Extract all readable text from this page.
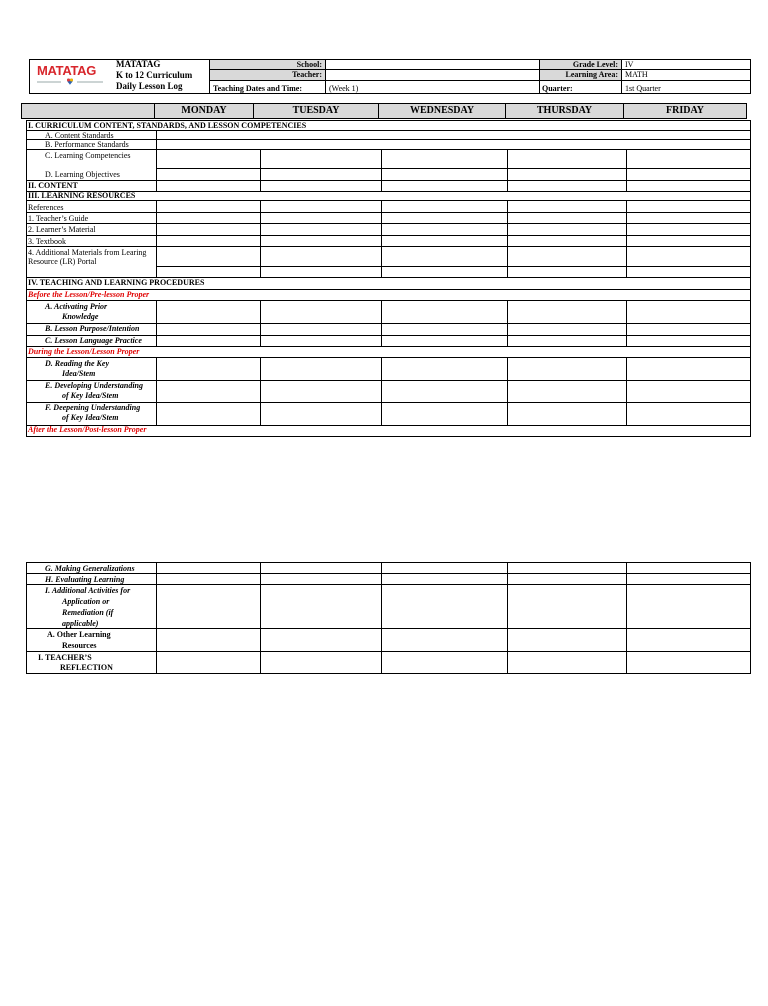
MATATAG	MATATAG
K to 12 Curriculum
Daily Lesson Log
School:
Teacher:
Teaching Dates and Time:	(Week 1)
Grade Level: IV
Learning Area: MATH
Quarter:	1st Quarter
MONDAY	TUESDAY	WEDNESDAY	THURSDAY	FRIDAY
I. CURRICULUM CONTENT, STANDARDS, AND LESSON COMPETENCIES
A. Content Standards
B. Performance Standards
C. Learning Competencies
D. Learning Objectives
II. CONTENT
III. LEARNING RESOURCES
References
1. Teacher’s Guide
2. Learner’s Material
3. Textbook
4. Additional Materials from Learing
Resource (LR) Portal
IV. TEACHING AND LEARNING PROCEDURES
Before the Lesson/Pre-lesson Proper
A. Activating Prior
Knowledge
B. Lesson Purpose/Intention
C. Lesson Language Practice
During the Lesson/Lesson Proper
D. Reading the Key
Idea/Stem
E. Developing Understanding
of Key Idea/Stem
F. Deepening Understanding
of Key Idea/Stem
After the Lesson/Post-lesson Proper
G. Making Generalizations
H. Evaluating Learning
I. Additional Activities for
Application or
Remediation (if
applicable)
A. Other Learning
Resources
I. TEACHER’S
REFLECTION
